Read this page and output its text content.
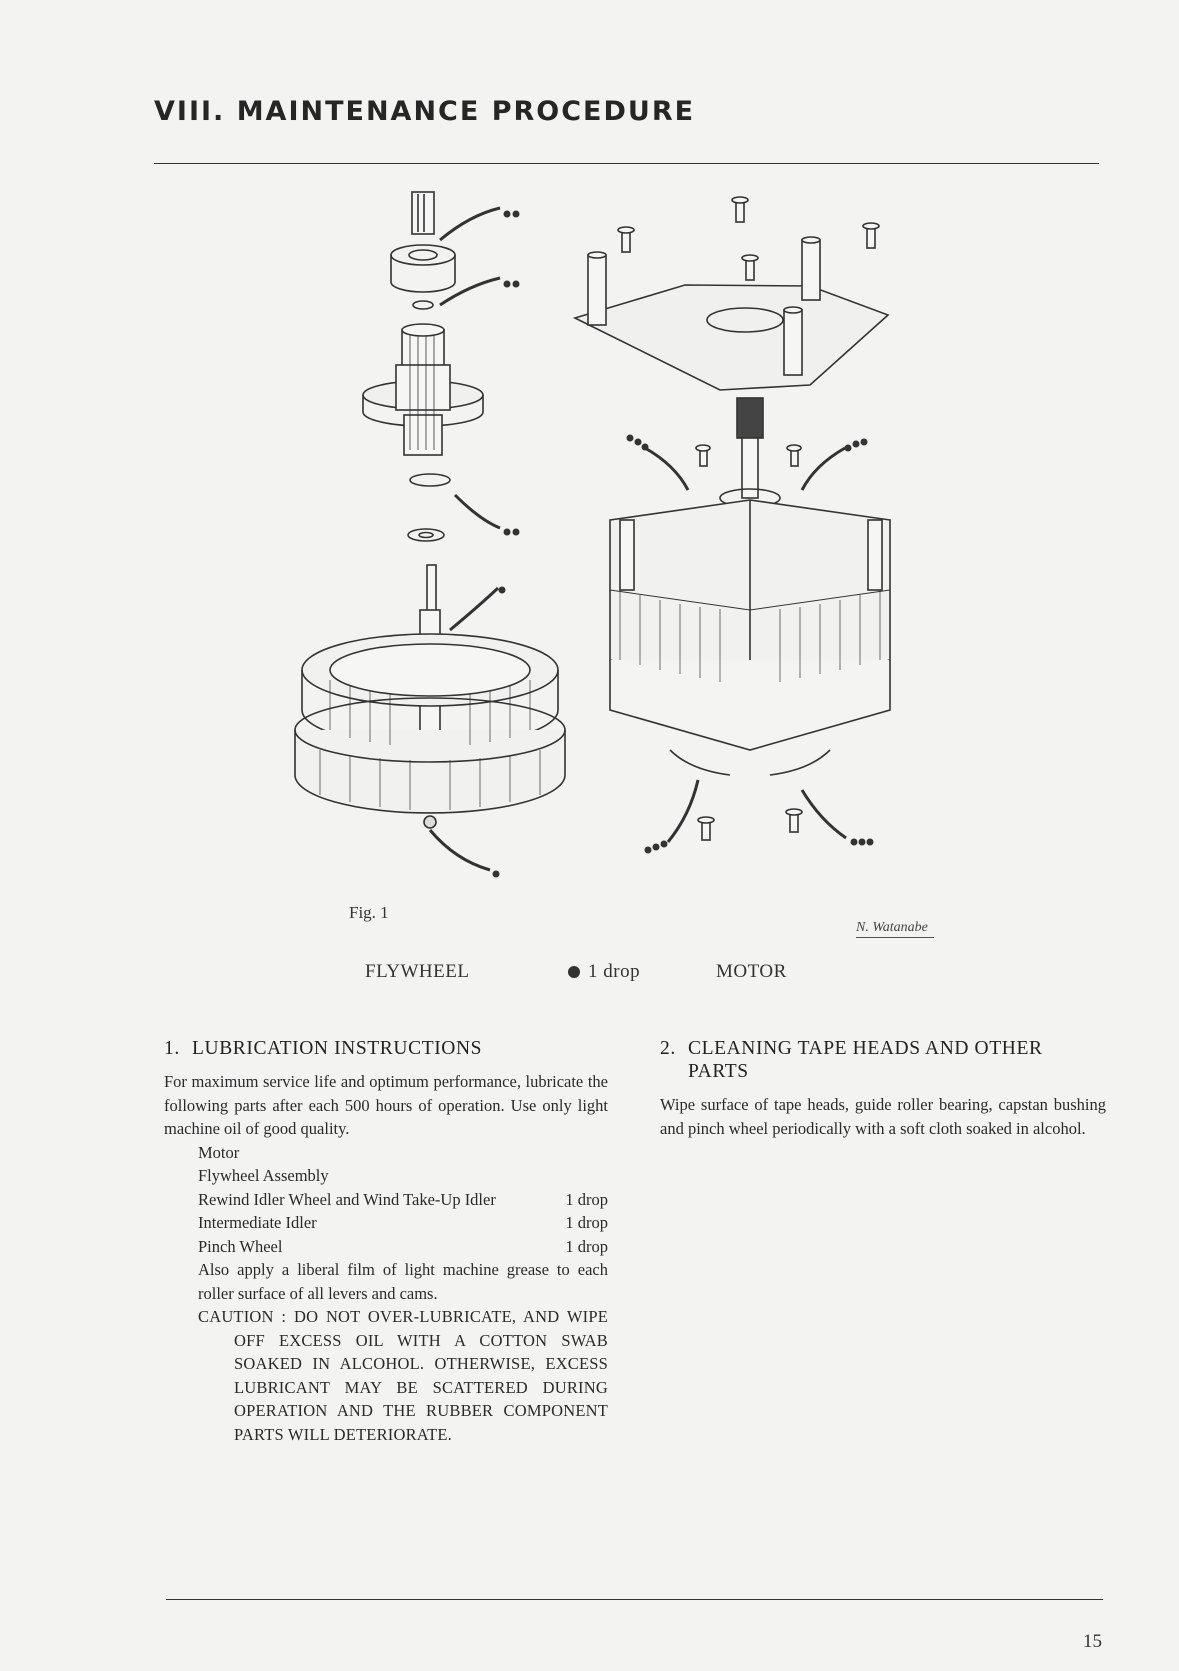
VIII. MAINTENANCE PROCEDURE
Fig. 1
N. Watanabe
FLYWHEEL	1 drop	MOTOR
1. LUBRICATION INSTRUCTIONS

For maximum service life and optimum performance, lubricate the following parts after each 500 hours of operation. Use only light machine oil of good quality.

Motor
Flywheel Assembly
Rewind Idler Wheel and Wind Take-Up Idler	1 drop
Intermediate Idler	1 drop
Pinch Wheel	1 drop

Also apply a liberal film of light machine grease to each roller surface of all levers and cams.

CAUTION : DO NOT OVER-LUBRICATE, AND WIPE OFF EXCESS OIL WITH A COTTON SWAB SOAKED IN ALCOHOL. OTHERWISE, EXCESS LUBRICANT MAY BE SCATTERED DURING OPERATION AND THE RUBBER COMPONENT PARTS WILL DETERIORATE.

2. CLEANING TAPE HEADS AND OTHER PARTS

Wipe surface of tape heads, guide roller bearing, capstan bushing and pinch wheel periodically with a soft cloth soaked in alcohol.

15
